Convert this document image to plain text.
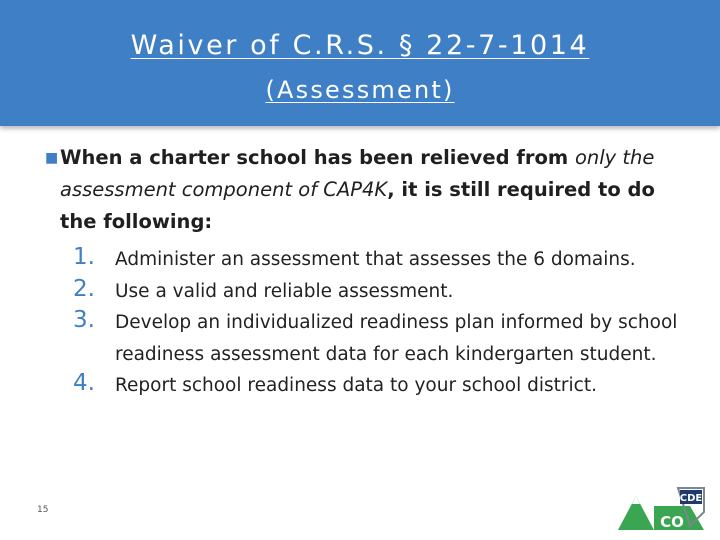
Waiver of C.R.S. § 22-7-1014
(Assessment)
■ When a charter school has been relieved from only the assessment component of CAP4K, it is still required to do the following:
1. Administer an assessment that assesses the 6 domains.
2. Use a valid and reliable assessment.
3. Develop an individualized readiness plan informed by school readiness assessment data for each kindergarten student.
4. Report school readiness data to your school district.
15
CDE
CO
